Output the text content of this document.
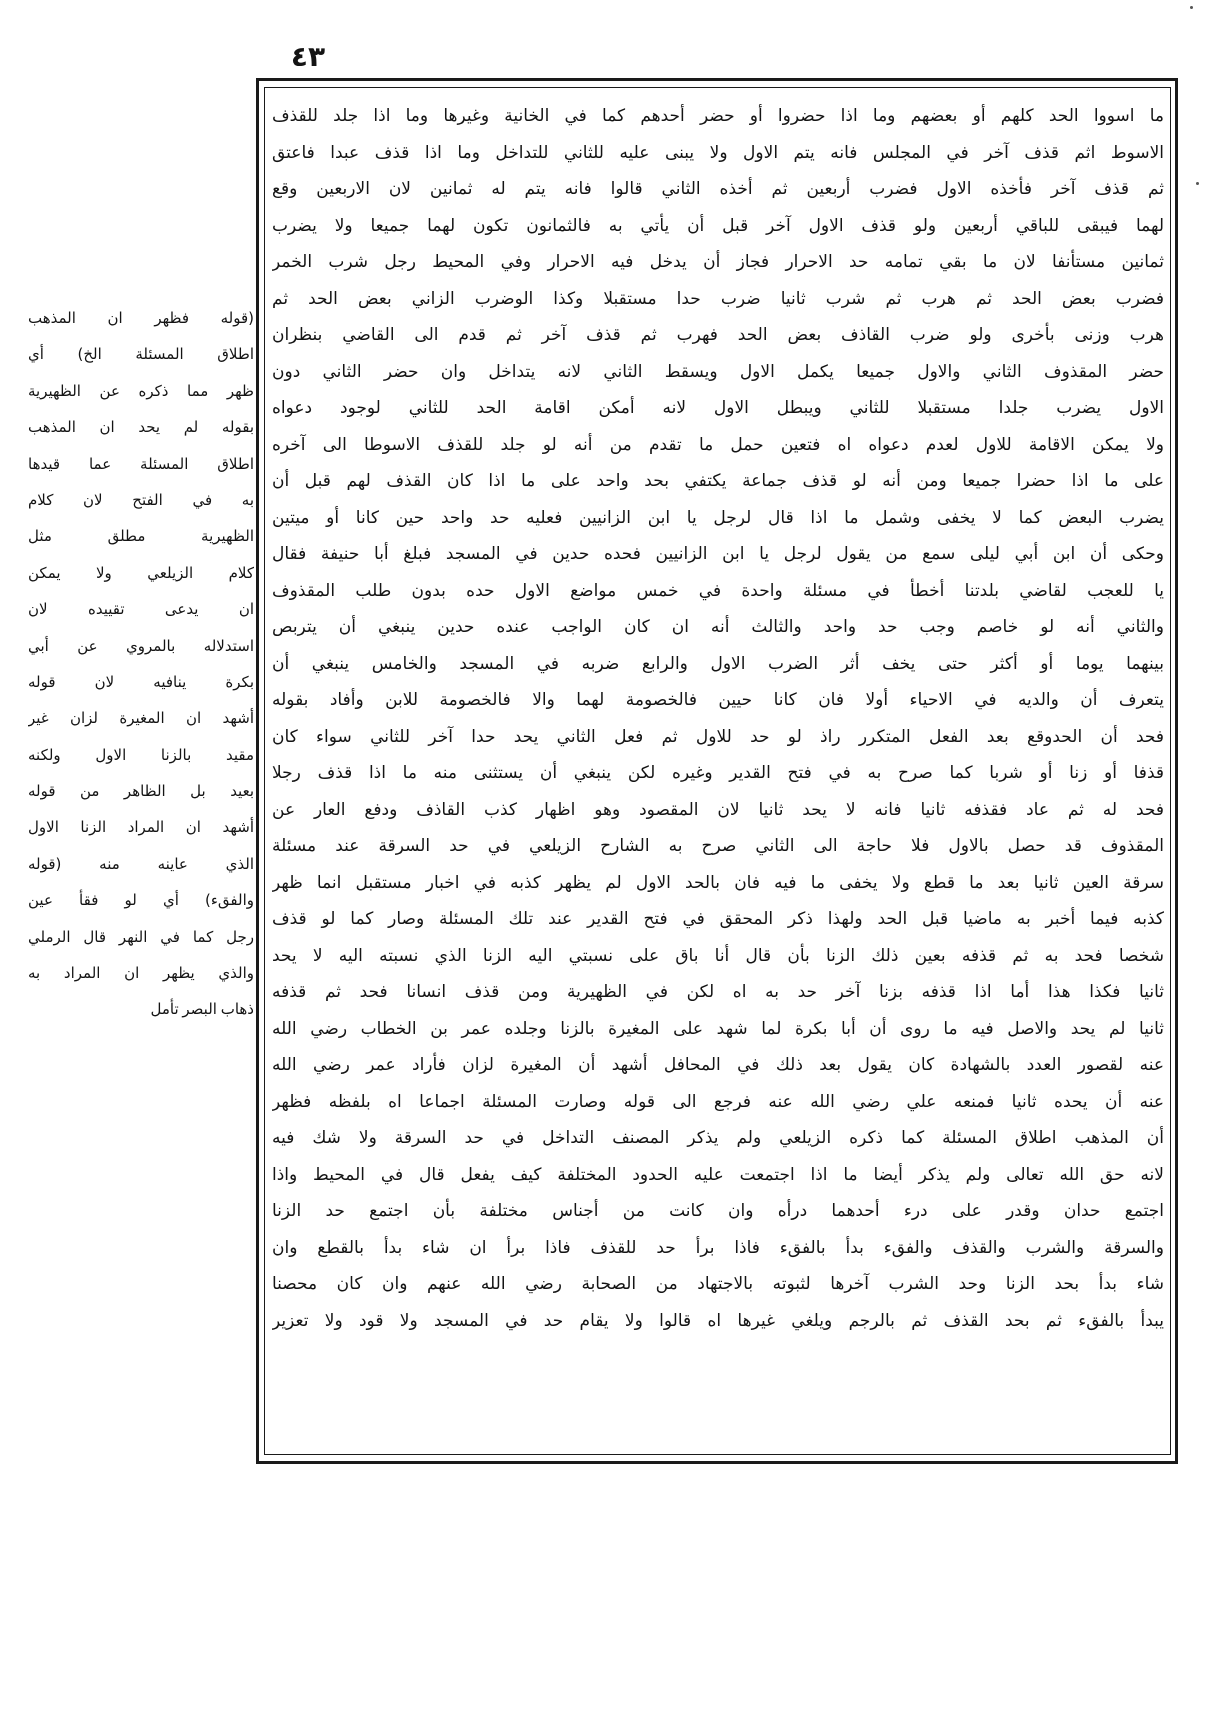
٤٣
ما اسووا الحد كلهم أو بعضهم وما اذا حضروا أو حضر أحدهم كما في الخانية وغيرها وما اذا جلد للقذف
الاسوط اثم قذف آخر في المجلس فانه يتم الاول ولا يبنى عليه للثاني للتداخل وما اذا قذف عبدا فاعتق
ثم قذف آخر فأخذه الاول فضرب أربعين ثم أخذه الثاني قالوا فانه يتم له ثمانين لان الاربعين وقع
لهما فيبقى للباقي أربعين ولو قذف الاول آخر قبل أن يأتي به فالثمانون تكون لهما جميعا ولا يضرب
ثمانين مستأنفا لان ما بقي تمامه حد الاحرار فجاز أن يدخل فيه الاحرار وفي المحيط رجل شرب الخمر
فضرب بعض الحد ثم هرب ثم شرب ثانيا ضرب حدا مستقبلا وكذا الوضرب الزاني بعض الحد ثم
هرب وزنى بأخرى ولو ضرب القاذف بعض الحد فهرب ثم قذف آخر ثم قدم الى القاضي بنظران
حضر المقذوف الثاني والاول جميعا يكمل الاول ويسقط الثاني لانه يتداخل وان حضر الثاني دون
الاول يضرب جلدا مستقبلا للثاني ويبطل الاول لانه أمكن اقامة الحد للثاني لوجود دعواه
ولا يمكن الاقامة للاول لعدم دعواه اه فتعين حمل ما تقدم من أنه لو جلد للقذف الاسوطا الى آخره
على ما اذا حضرا جميعا ومن أنه لو قذف جماعة يكتفي بحد واحد على ما اذا كان القذف لهم قبل أن
يضرب البعض كما لا يخفى وشمل ما اذا قال لرجل يا ابن الزانيين فعليه حد واحد حين كانا أو ميتين
وحكى أن ابن أبي ليلى سمع من يقول لرجل يا ابن الزانيين فحده حدين في المسجد فبلغ أبا حنيفة فقال
يا للعجب لقاضي بلدتنا أخطأ في مسئلة واحدة في خمس مواضع الاول حده بدون طلب المقذوف
والثاني أنه لو خاصم وجب حد واحد والثالث أنه ان كان الواجب عنده حدين ينبغي أن يتربص
بينهما يوما أو أكثر حتى يخف أثر الضرب الاول والرابع ضربه في المسجد والخامس ينبغي أن
يتعرف أن والديه في الاحياء أولا فان كانا حيين فالخصومة لهما والا فالخصومة للابن وأفاد بقوله
فحد أن الحدوقع بعد الفعل المتكرر راذ لو حد للاول ثم فعل الثاني يحد حدا آخر للثاني سواء كان
قذفا أو زنا أو شربا كما صرح به في فتح القدير وغيره لكن ينبغي أن يستثنى منه ما اذا قذف رجلا
فحد له ثم عاد فقذفه ثانيا فانه لا يحد ثانيا لان المقصود وهو اظهار كذب القاذف ودفع العار عن
المقذوف قد حصل بالاول فلا حاجة الى الثاني صرح به الشارح الزيلعي في حد السرقة عند مسئلة
سرقة العين ثانيا بعد ما قطع ولا يخفى ما فيه فان بالحد الاول لم يظهر كذبه في اخبار مستقبل انما ظهر
كذبه فيما أخبر به ماضيا قبل الحد ولهذا ذكر المحقق في فتح القدير عند تلك المسئلة وصار كما لو قذف
شخصا فحد به ثم قذفه بعين ذلك الزنا بأن قال أنا باق على نسبتي اليه الزنا الذي نسبته اليه لا يحد
ثانيا فكذا هذا أما اذا قذفه بزنا آخر حد به اه لكن في الظهيرية ومن قذف انسانا فحد ثم قذفه
ثانيا لم يحد والاصل فيه ما روى أن أبا بكرة لما شهد على المغيرة بالزنا وجلده عمر بن الخطاب رضي الله
عنه لقصور العدد بالشهادة كان يقول بعد ذلك في المحافل أشهد أن المغيرة لزان فأراد عمر رضي الله
عنه أن يحده ثانيا فمنعه علي رضي الله عنه فرجع الى قوله وصارت المسئلة اجماعا اه بلفظه فظهر
أن المذهب اطلاق المسئلة كما ذكره الزيلعي ولم يذكر المصنف التداخل في حد السرقة ولا شك فيه
لانه حق الله تعالى ولم يذكر أيضا ما اذا اجتمعت عليه الحدود المختلفة كيف يفعل قال في المحيط واذا
اجتمع حدان وقدر على درء أحدهما درأه وان كانت من أجناس مختلفة بأن اجتمع حد الزنا
والسرقة والشرب والقذف والفقء بدأ بالفقء فاذا برأ حد للقذف فاذا برأ ان شاء بدأ بالقطع وان
شاء بدأ بحد الزنا وحد الشرب آخرها لثبوته بالاجتهاد من الصحابة رضي الله عنهم وان كان محصنا
يبدأ بالفقء ثم بحد القذف ثم بالرجم ويلغي غيرها اه قالوا ولا يقام حد في المسجد ولا قود ولا تعزير
(قوله فظهر ان المذهب
اطلاق المسئلة الخ) أي
ظهر مما ذكره عن الظهيرية
بقوله لم يحد ان المذهب
اطلاق المسئلة عما قيدها
به في الفتح لان كلام
الظهيرية مطلق مثل
كلام الزيلعي ولا يمكن
ان يدعى تقييده لان
استدلاله بالمروي عن أبي
بكرة ينافيه لان قوله
أشهد ان المغيرة لزان غير
مقيد بالزنا الاول ولكنه
بعيد بل الظاهر من قوله
أشهد ان المراد الزنا الاول
الذي عاينه منه (قوله
والفقء) أي لو فقأ عين
رجل كما في النهر قال الرملي
والذي يظهر ان المراد به
ذهاب البصر تأمل
